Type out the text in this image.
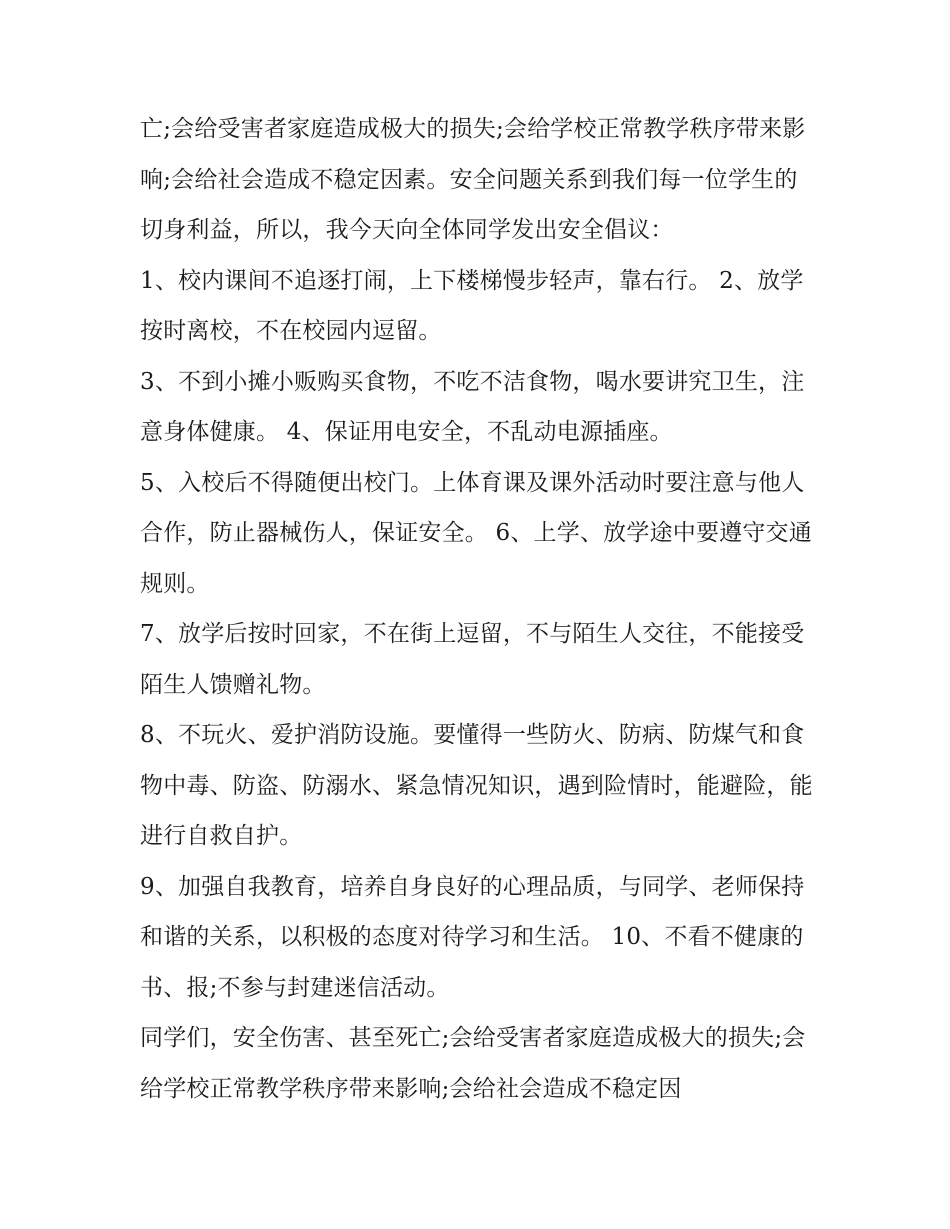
亡;会给受害者家庭造成极大的损失;会给学校正常教学秩序带来影响;会给社会造成不稳定因素。安全问题关系到我们每一位学生的切身利益，所以，我今天向全体同学发出安全倡议：

1、校内课间不追逐打闹，上下楼梯慢步轻声，靠右行。 2、放学按时离校，不在校园内逗留。

3、不到小摊小贩购买食物，不吃不洁食物，喝水要讲究卫生，注意身体健康。 4、保证用电安全，不乱动电源插座。

5、入校后不得随便出校门。上体育课及课外活动时要注意与他人合作，防止器械伤人，保证安全。 6、上学、放学途中要遵守交通规则。

7、放学后按时回家，不在街上逗留，不与陌生人交往，不能接受陌生人馈赠礼物。

8、不玩火、爱护消防设施。要懂得一些防火、防病、防煤气和食物中毒、防盗、防溺水、紧急情况知识，遇到险情时，能避险，能进行自救自护。

9、加强自我教育，培养自身良好的心理品质，与同学、老师保持和谐的关系，以积极的态度对待学习和生活。 10、不看不健康的书、报;不参与封建迷信活动。

同学们，安全伤害、甚至死亡;会给受害者家庭造成极大的损失;会给学校正常教学秩序带来影响;会给社会造成不稳定因
